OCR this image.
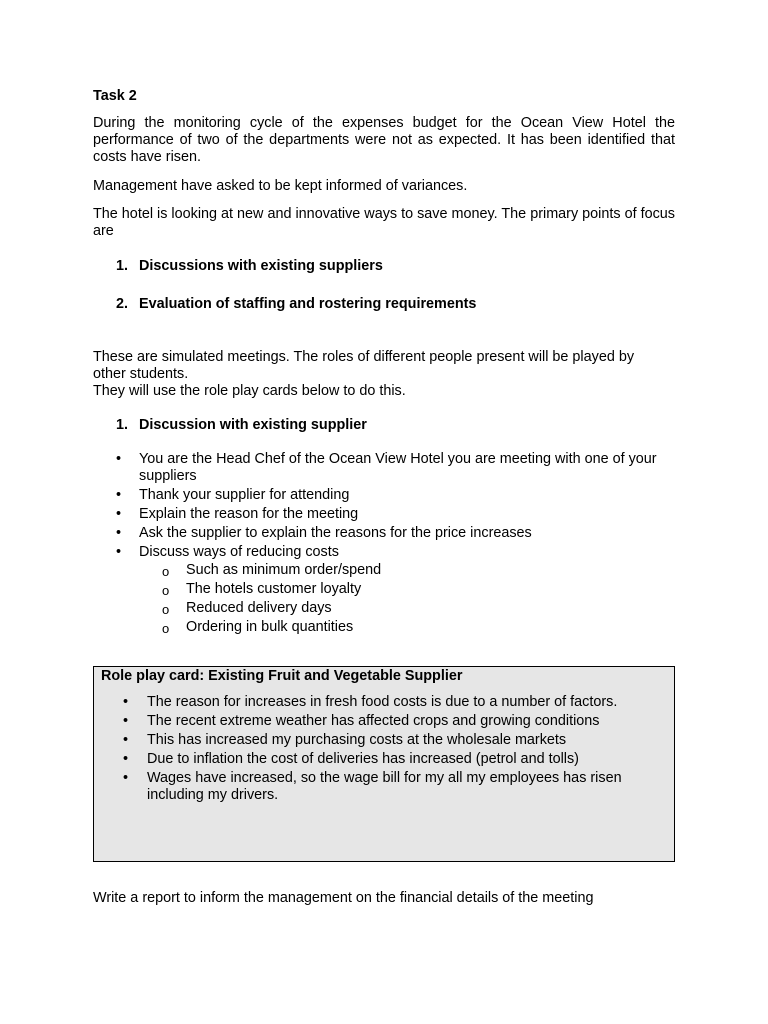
Task 2
During the monitoring cycle of the expenses budget for the Ocean View Hotel the performance of two of the departments were not as expected. It has been identified that costs have risen.
Management have asked to be kept informed of variances.
The hotel is looking at new and innovative ways to save money. The primary points of focus are
1. Discussions with existing suppliers
2. Evaluation of staffing and rostering requirements
These are simulated meetings. The roles of different people present will be played by other students.
They will use the role play cards below to do this.
1. Discussion with existing supplier
• You are the Head Chef of the Ocean View Hotel you are meeting with one of your suppliers
• Thank your supplier for attending
• Explain the reason for the meeting
• Ask the supplier to explain the reasons for the price increases
• Discuss ways of reducing costs
o Such as minimum order/spend
o The hotels customer loyalty
o Reduced delivery days
o Ordering in bulk quantities
Role play card: Existing Fruit and Vegetable Supplier
• The reason for increases in fresh food costs is due to a number of factors.
• The recent extreme weather has affected crops and growing conditions
• This has increased my purchasing costs at the wholesale markets
• Due to inflation the cost of deliveries has increased (petrol and tolls)
• Wages have increased, so the wage bill for my all my employees has risen including my drivers.
Write a report to inform the management on the financial details of the meeting
